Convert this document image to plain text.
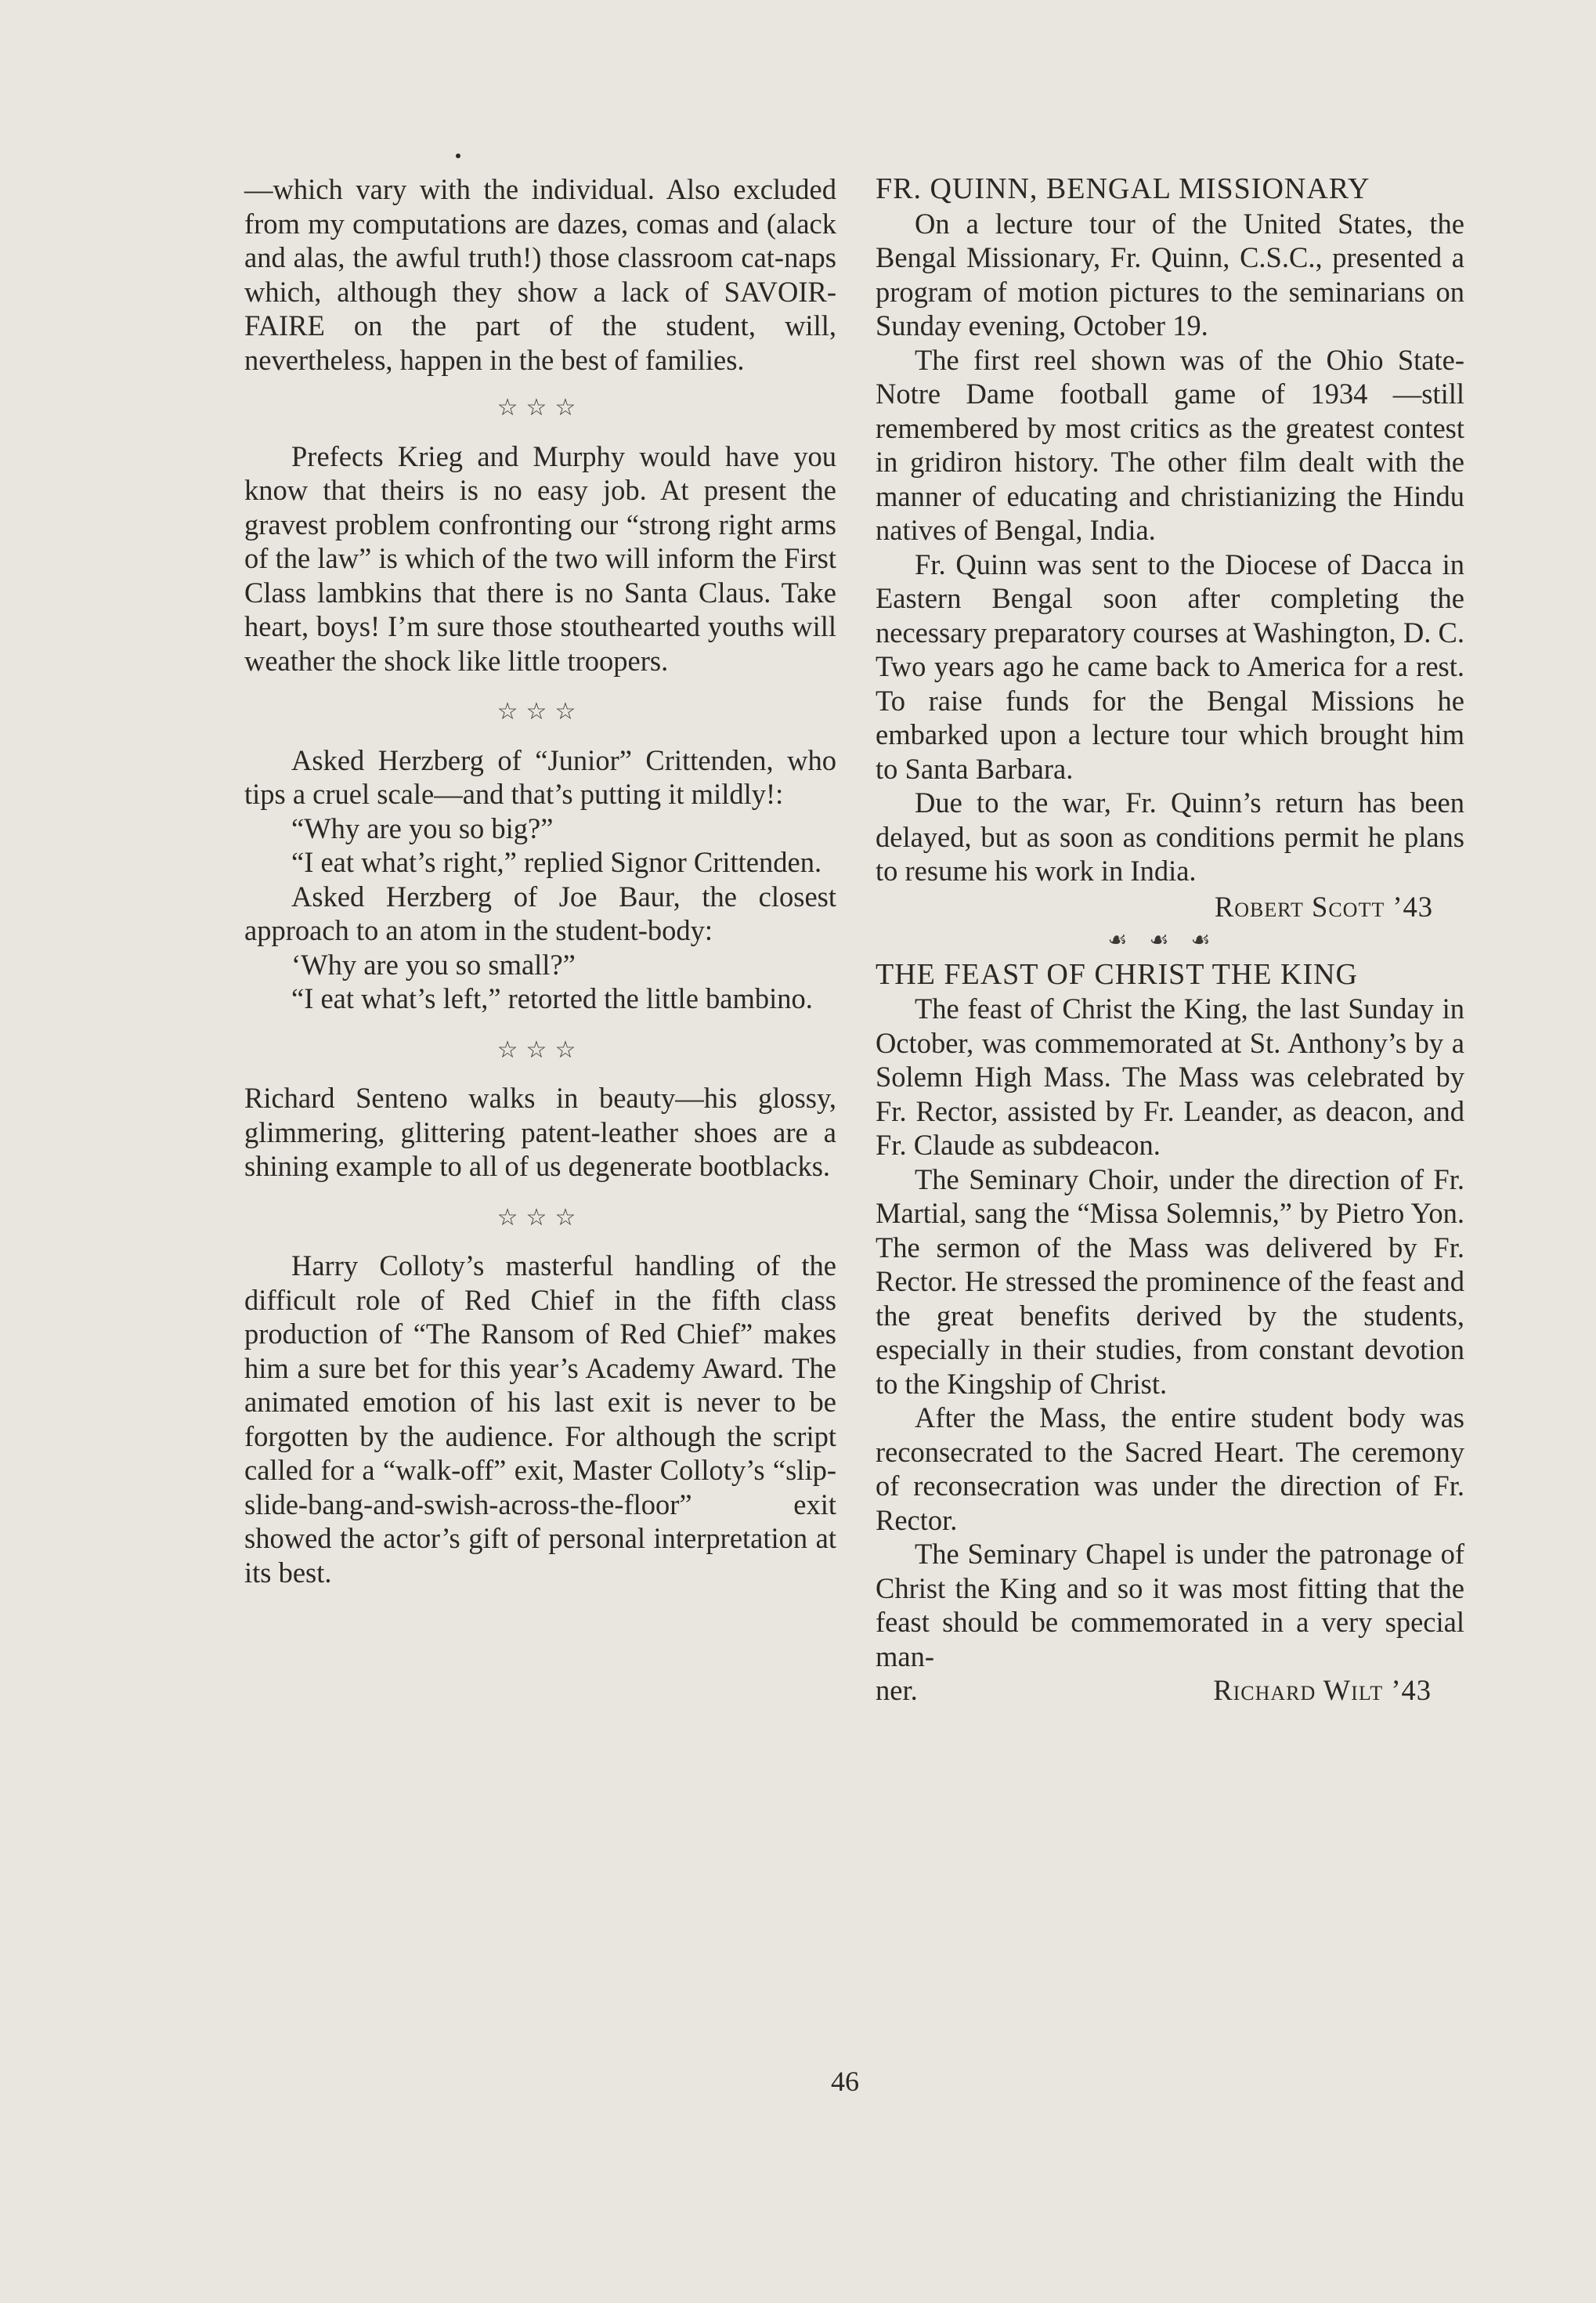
—which vary with the individual. Also excluded from my computations are dazes, comas and (alack and alas, the awful truth!) those classroom cat-naps which, although they show a lack of SAVOIR-FAIRE on the part of the student, will, nevertheless, happen in the best of families.

☆☆☆

Prefects Krieg and Murphy would have you know that theirs is no easy job. At present the gravest problem confronting our “strong right arms of the law” is which of the two will inform the First Class lambkins that there is no Santa Claus. Take heart, boys! I’m sure those stouthearted youths will weather the shock like little troopers.

☆☆☆

Asked Herzberg of “Junior” Crittenden, who tips a cruel scale—and that’s putting it mildly!:

“Why are you so big?”

“I eat what’s right,” replied Signor Crittenden.

Asked Herzberg of Joe Baur, the closest approach to an atom in the student-body:

‘Why are you so small?”

“I eat what’s left,” retorted the little bambino.

☆☆☆

Richard Senteno walks in beauty—his glossy, glimmering, glittering patent-leather shoes are a shining example to all of us degenerate bootblacks.

☆☆☆

Harry Colloty’s masterful handling of the difficult role of Red Chief in the fifth class production of “The Ransom of Red Chief” makes him a sure bet for this year’s Academy Award. The animated emotion of his last exit is never to be forgotten by the audience. For although the script called for a “walk-off” exit, Master Colloty’s “slip-slide-bang-and-swish-across-the-floor” exit showed the actor’s gift of personal interpretation at its best.

FR. QUINN, BENGAL MISSIONARY

On a lecture tour of the United States, the Bengal Missionary, Fr. Quinn, C.S.C., presented a program of motion pictures to the seminarians on Sunday evening, October 19.

The first reel shown was of the Ohio State-Notre Dame football game of 1934 —still remembered by most critics as the greatest contest in gridiron history. The other film dealt with the manner of educating and christianizing the Hindu natives of Bengal, India.

Fr. Quinn was sent to the Diocese of Dacca in Eastern Bengal soon after completing the necessary preparatory courses at Washington, D. C. Two years ago he came back to America for a rest. To raise funds for the Bengal Missions he embarked upon a lecture tour which brought him to Santa Barbara.

Due to the war, Fr. Quinn’s return has been delayed, but as soon as conditions permit he plans to resume his work in India.

Robert Scott ’43
☙☙☙
THE FEAST OF CHRIST THE KING

The feast of Christ the King, the last Sunday in October, was commemorated at St. Anthony’s by a Solemn High Mass. The Mass was celebrated by Fr. Rector, assisted by Fr. Leander, as deacon, and Fr. Claude as subdeacon.

The Seminary Choir, under the direction of Fr. Martial, sang the “Missa Solemnis,” by Pietro Yon. The sermon of the Mass was delivered by Fr. Rector. He stressed the prominence of the feast and the great benefits derived by the students, especially in their studies, from constant devotion to the Kingship of Christ.

After the Mass, the entire student body was reconsecrated to the Sacred Heart. The ceremony of reconsecration was under the direction of Fr. Rector.

The Seminary Chapel is under the patronage of Christ the King and so it was most fitting that the feast should be commemorated in a very special man-

ner.	Richard Wilt ’43
46
